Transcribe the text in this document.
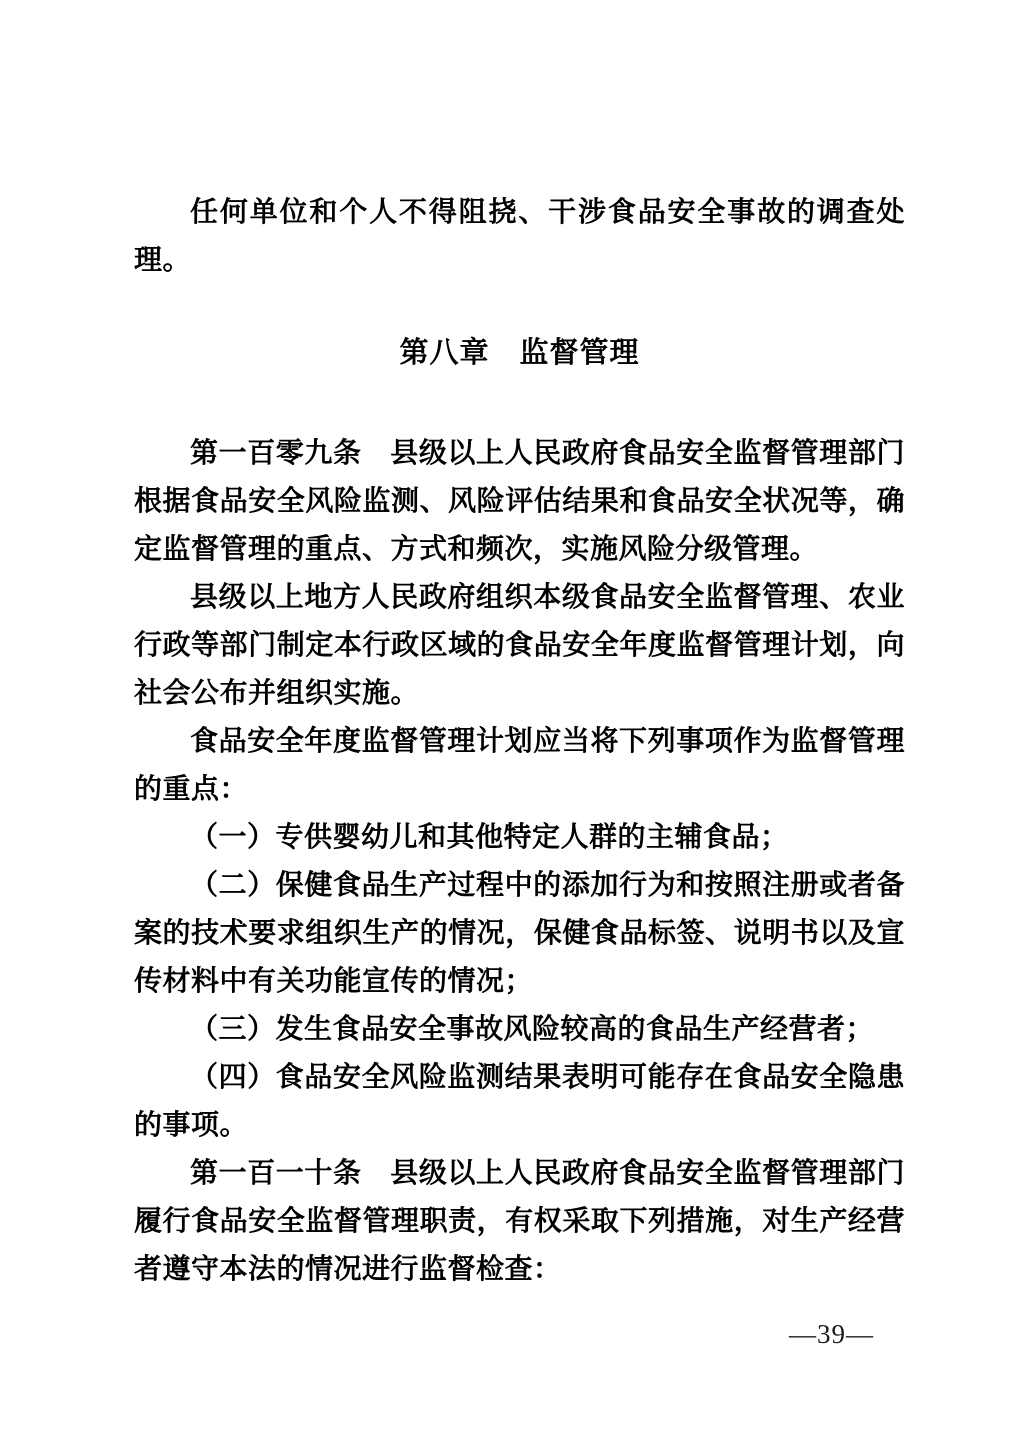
任何单位和个人不得阻挠、干涉食品安全事故的调查处理。

第八章　监督管理

第一百零九条　县级以上人民政府食品安全监督管理部门根据食品安全风险监测、风险评估结果和食品安全状况等，确定监督管理的重点、方式和频次，实施风险分级管理。

县级以上地方人民政府组织本级食品安全监督管理、农业行政等部门制定本行政区域的食品安全年度监督管理计划，向社会公布并组织实施。

食品安全年度监督管理计划应当将下列事项作为监督管理的重点：

（一）专供婴幼儿和其他特定人群的主辅食品；

（二）保健食品生产过程中的添加行为和按照注册或者备案的技术要求组织生产的情况，保健食品标签、说明书以及宣传材料中有关功能宣传的情况；

（三）发生食品安全事故风险较高的食品生产经营者；

（四）食品安全风险监测结果表明可能存在食品安全隐患的事项。

第一百一十条　县级以上人民政府食品安全监督管理部门履行食品安全监督管理职责，有权采取下列措施，对生产经营者遵守本法的情况进行监督检查：

—39—
